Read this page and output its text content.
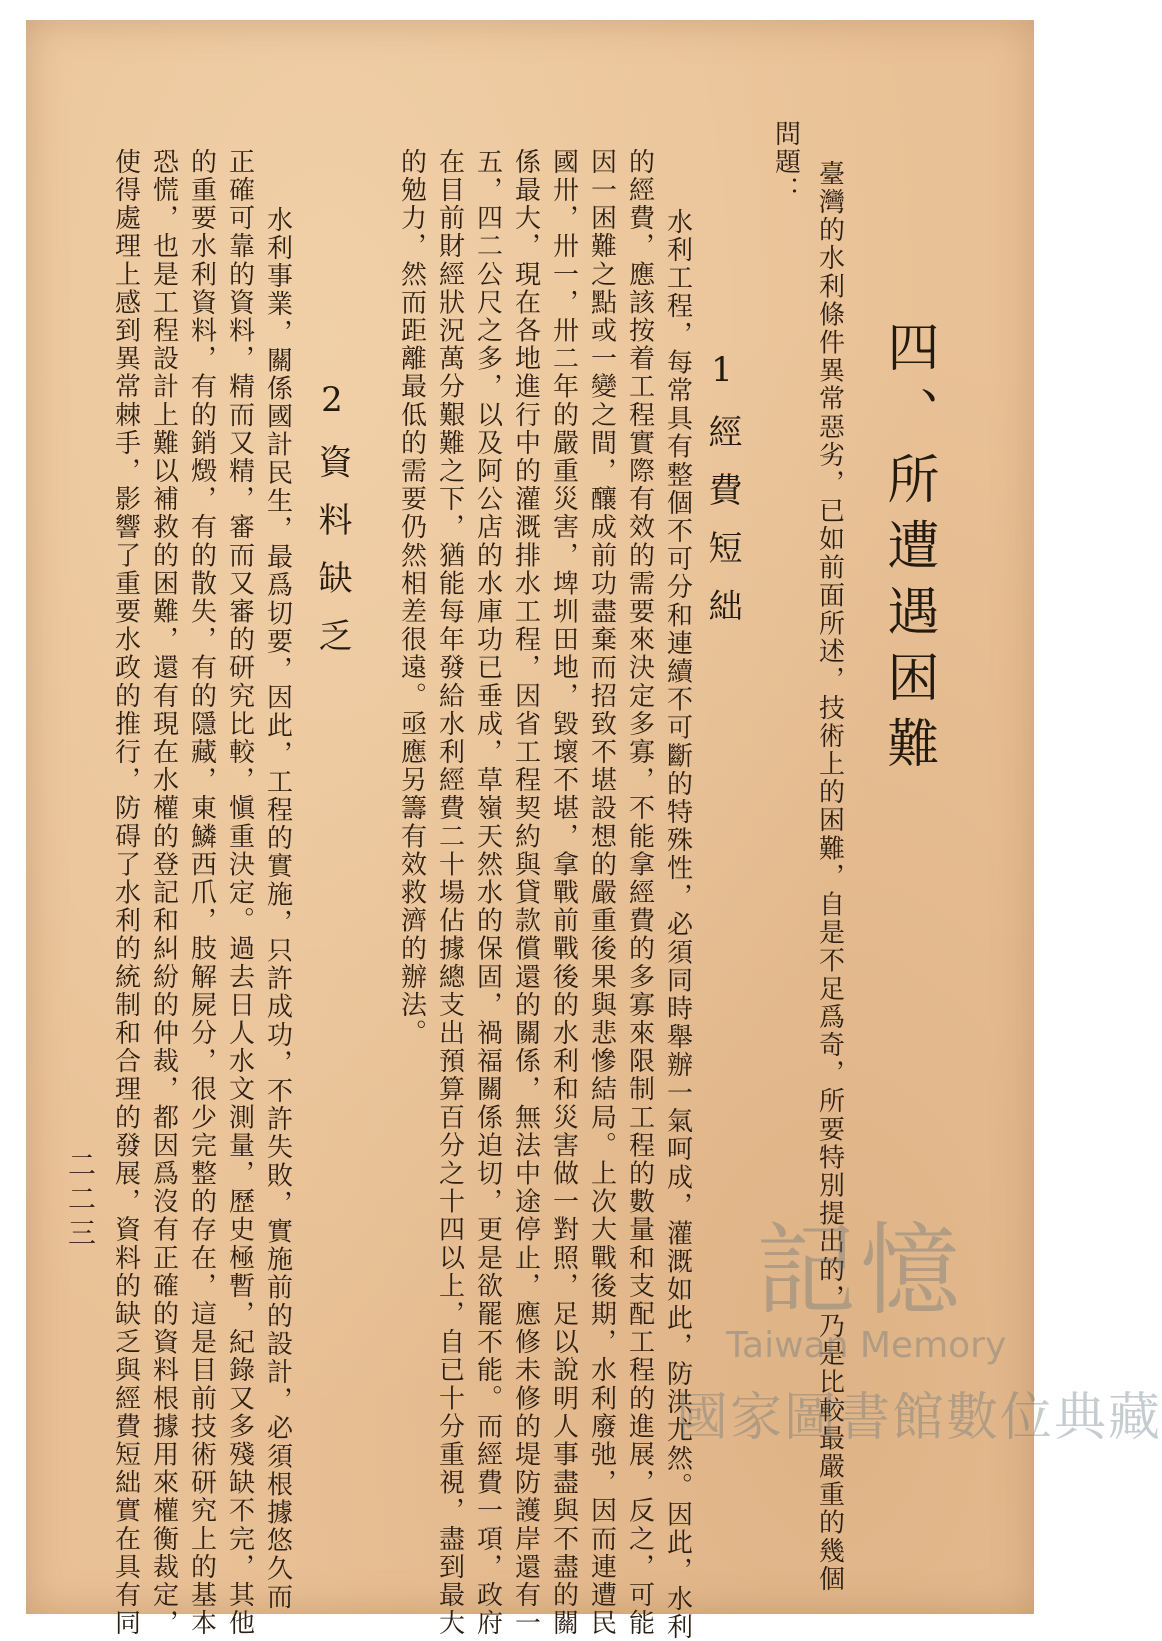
四、所遭遇困難
臺灣的水利條件異常惡劣，已如前面所述，技術上的困難，自是不足爲奇，所要特別提出的，乃是比較最嚴重的幾個
問題：
1經費短絀
水利工程，每常具有整個不可分和連續不可斷的特殊性，必須同時舉辦一氣呵成，灌溉如此，防洪尤然。因此，水利
的經費，應該按着工程實際有效的需要來決定多寡，不能拿經費的多寡來限制工程的數量和支配工程的進展，反之，可能
因一困難之點或一變之間，釀成前功盡棄而招致不堪設想的嚴重後果與悲慘結局。上次大戰後期，水利廢弛，因而連遭民
國卅，卅一，卅二年的嚴重災害，埤圳田地，毀壞不堪，拿戰前戰後的水利和災害做一對照，足以說明人事盡與不盡的關
係最大，現在各地進行中的灌溉排水工程，因省工程契約與貸款償還的關係，無法中途停止，應修未修的堤防護岸還有一
五，四二公尺之多，以及阿公店的水庫功已垂成，草嶺天然水的保固，禍福關係迫切，更是欲罷不能。而經費一項，政府
在目前財經狀況萬分艱難之下，猶能每年發給水利經費二十場佔據總支出預算百分之十四以上，自已十分重視，盡到最大
的勉力，然而距離最低的需要仍然相差很遠。亟應另籌有效救濟的辦法。
2資料缺乏
水利事業，關係國計民生，最爲切要，因此，工程的實施，只許成功，不許失敗，實施前的設計，必須根據悠久而
正確可靠的資料，精而又精，審而又審的研究比較，愼重決定。過去日人水文測量，歷史極暫，紀錄又多殘缺不完，其他
的重要水利資料，有的銷燬，有的散失，有的隱藏，東鱗西爪，肢解屍分，很少完整的存在，這是目前技術研究上的基本
恐慌，也是工程設計上難以補救的困難，還有現在水權的登記和糾紛的仲裁，都因爲沒有正確的資料根據用來權衡裁定，
使得處理上感到異常棘手，影響了重要水政的推行，防碍了水利的統制和合理的發展，資料的缺乏與經費短絀實在具有同
二二三
記憶
Taiwan Memory
國家圖書館數位典藏
